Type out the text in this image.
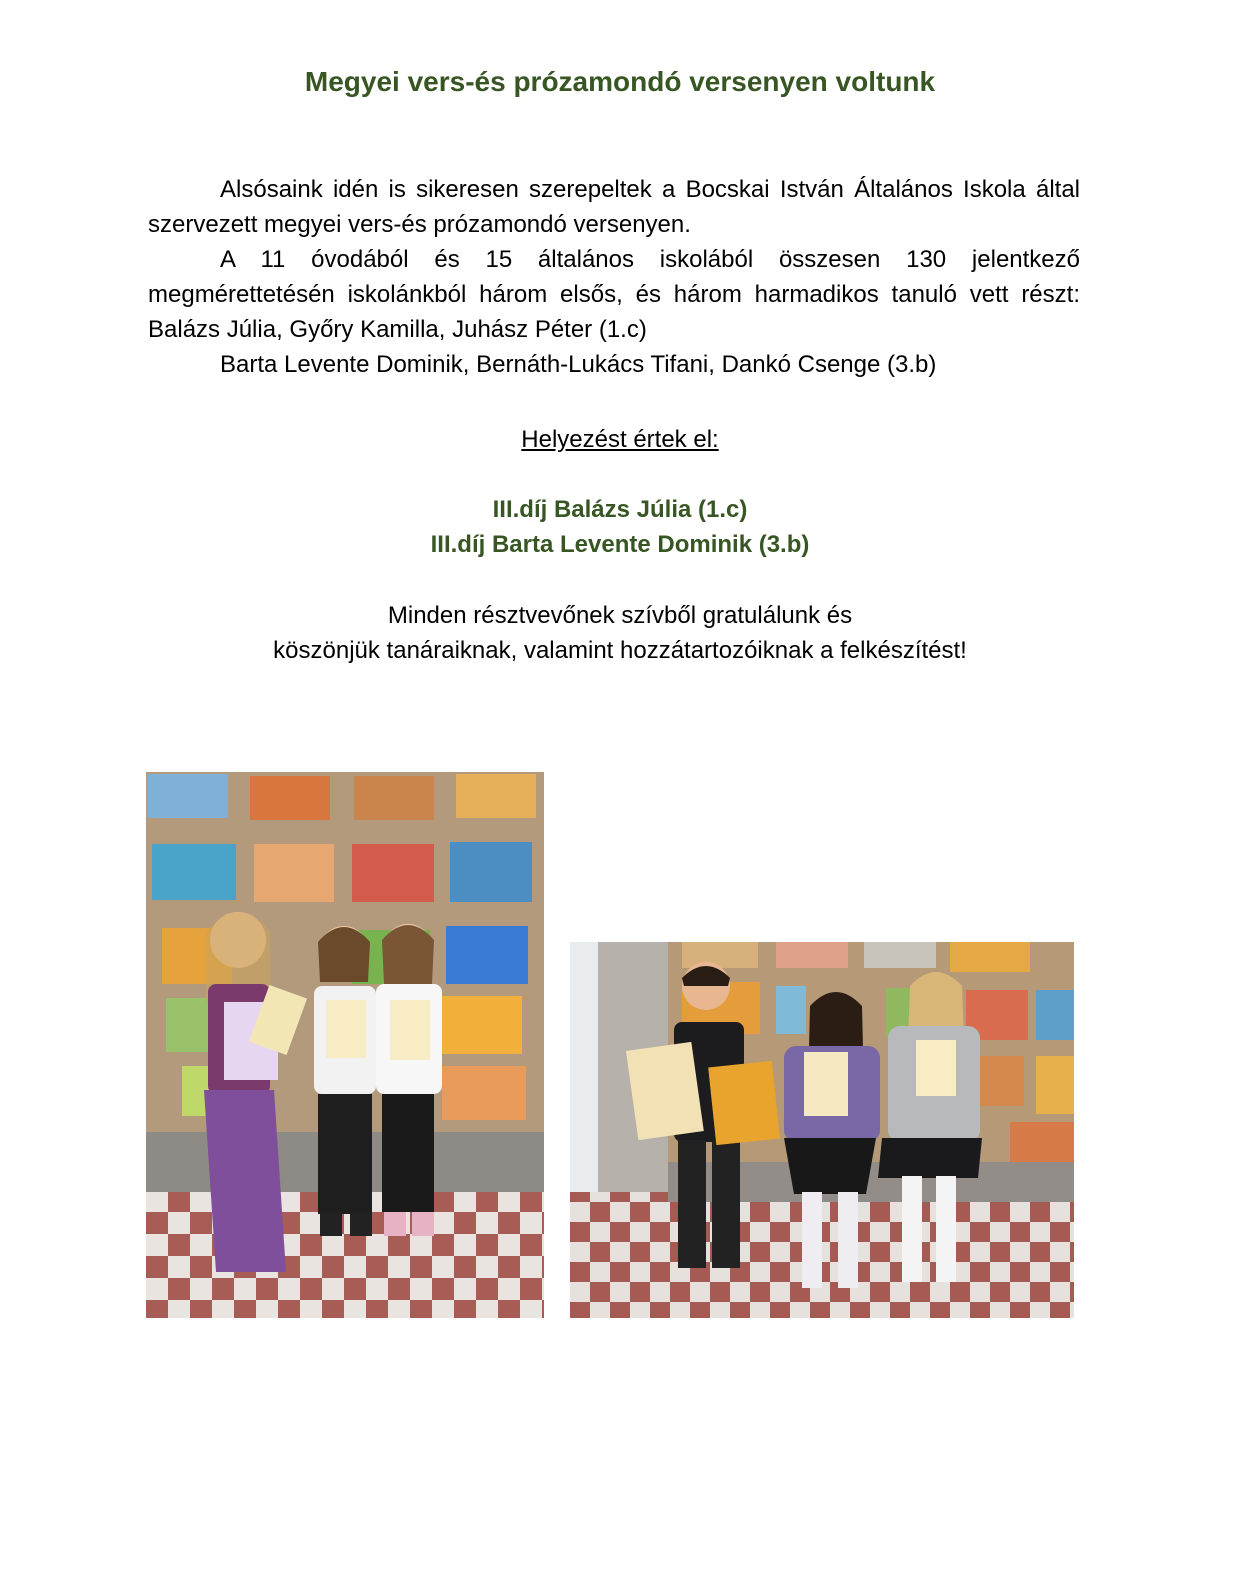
Megyei vers-és prózamondó versenyen voltunk

Alsósaink idén is sikeresen szerepeltek a Bocskai István Általános Iskola által szervezett megyei vers-és prózamondó versenyen.

A 11 óvodából és 15 általános iskolából összesen 130 jelentkező megmérettetésén iskolánkból három elsős, és három harmadikos tanuló vett részt: Balázs Júlia, Győry Kamilla, Juhász Péter (1.c)

Barta Levente Dominik, Bernáth-Lukács Tifani, Dankó Csenge (3.b)

Helyezést értek el:
III.díj Balázs Júlia (1.c)
III.díj Barta Levente Dominik (3.b)
Minden résztvevőnek szívből gratulálunk és
köszönjük tanáraiknak, valamint hozzátartozóiknak a felkészítést!
